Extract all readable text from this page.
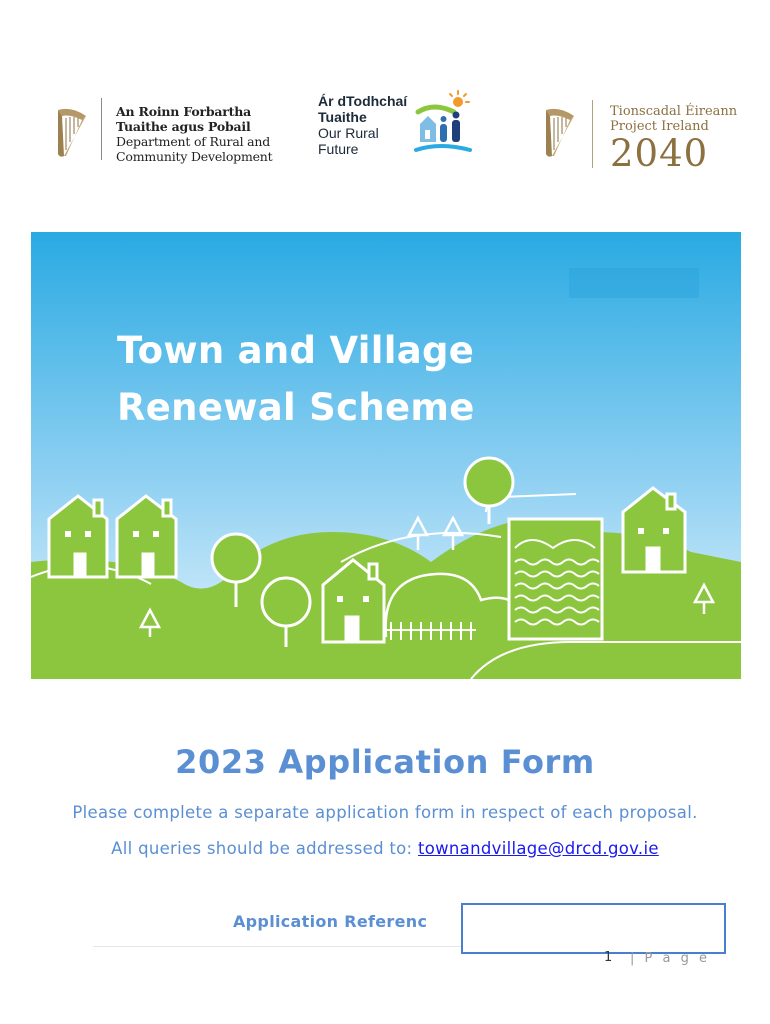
An Roinn Forbartha
Tuaithe agus Pobail
Department of Rural and
Community Development
Ár dTodhchaí
Tuaithe
Our Rural
Future
Tionscadal Éireann
Project Ireland
2040
Town and Village
Renewal Scheme
2023 Application Form
Please complete a separate application form in respect of each proposal.
All queries should be addressed to: townandvillage@drcd.gov.ie
Application Referenc
1 | P a g e
